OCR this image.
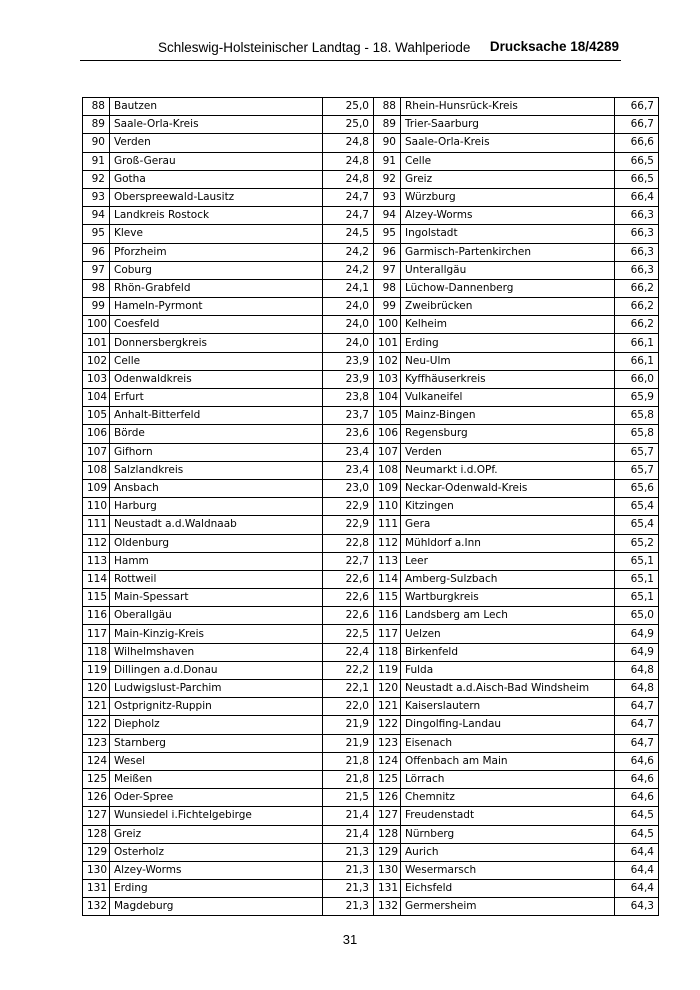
Schleswig-Holsteinischer Landtag - 18. Wahlperiode Drucksache 18/4289
88	Bautzen	25,0	88	Rhein-Hunsrück-Kreis	66,7
89	Saale-Orla-Kreis	25,0	89	Trier-Saarburg	66,7
90	Verden	24,8	90	Saale-Orla-Kreis	66,6
91	Groß-Gerau	24,8	91	Celle	66,5
92	Gotha	24,8	92	Greiz	66,5
93	Oberspreewald-Lausitz	24,7	93	Würzburg	66,4
94	Landkreis Rostock	24,7	94	Alzey-Worms	66,3
95	Kleve	24,5	95	Ingolstadt	66,3
96	Pforzheim	24,2	96	Garmisch-Partenkirchen	66,3
97	Coburg	24,2	97	Unterallgäu	66,3
98	Rhön-Grabfeld	24,1	98	Lüchow-Dannenberg	66,2
99	Hameln-Pyrmont	24,0	99	Zweibrücken	66,2
100	Coesfeld	24,0	100	Kelheim	66,2
101	Donnersbergkreis	24,0	101	Erding	66,1
102	Celle	23,9	102	Neu-Ulm	66,1
103	Odenwaldkreis	23,9	103	Kyffhäuserkreis	66,0
104	Erfurt	23,8	104	Vulkaneifel	65,9
105	Anhalt-Bitterfeld	23,7	105	Mainz-Bingen	65,8
106	Börde	23,6	106	Regensburg	65,8
107	Gifhorn	23,4	107	Verden	65,7
108	Salzlandkreis	23,4	108	Neumarkt i.d.OPf.	65,7
109	Ansbach	23,0	109	Neckar-Odenwald-Kreis	65,6
110	Harburg	22,9	110	Kitzingen	65,4
111	Neustadt a.d.Waldnaab	22,9	111	Gera	65,4
112	Oldenburg	22,8	112	Mühldorf a.Inn	65,2
113	Hamm	22,7	113	Leer	65,1
114	Rottweil	22,6	114	Amberg-Sulzbach	65,1
115	Main-Spessart	22,6	115	Wartburgkreis	65,1
116	Oberallgäu	22,6	116	Landsberg am Lech	65,0
117	Main-Kinzig-Kreis	22,5	117	Uelzen	64,9
118	Wilhelmshaven	22,4	118	Birkenfeld	64,9
119	Dillingen a.d.Donau	22,2	119	Fulda	64,8
120	Ludwigslust-Parchim	22,1	120	Neustadt a.d.Aisch-Bad Windsheim	64,8
121	Ostprignitz-Ruppin	22,0	121	Kaiserslautern	64,7
122	Diepholz	21,9	122	Dingolfing-Landau	64,7
123	Starnberg	21,9	123	Eisenach	64,7
124	Wesel	21,8	124	Offenbach am Main	64,6
125	Meißen	21,8	125	Lörrach	64,6
126	Oder-Spree	21,5	126	Chemnitz	64,6
127	Wunsiedel i.Fichtelgebirge	21,4	127	Freudenstadt	64,5
128	Greiz	21,4	128	Nürnberg	64,5
129	Osterholz	21,3	129	Aurich	64,4
130	Alzey-Worms	21,3	130	Wesermarsch	64,4
131	Erding	21,3	131	Eichsfeld	64,4
132	Magdeburg	21,3	132	Germersheim	64,3
31
